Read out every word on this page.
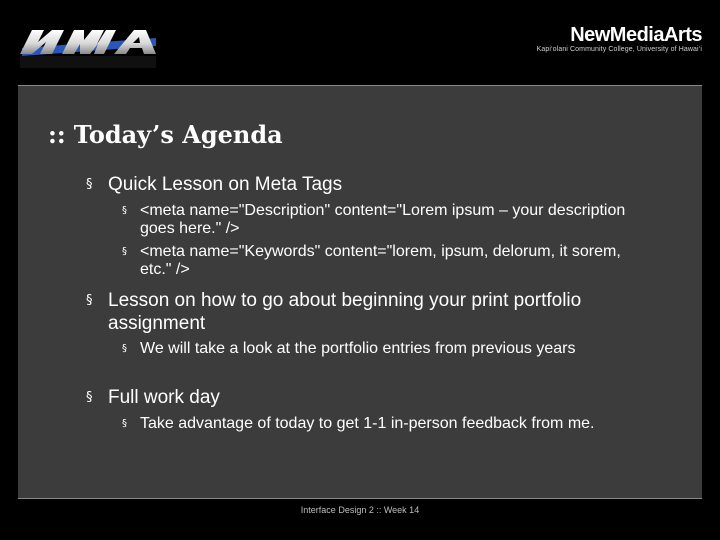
NewMediaArts
Kapi‘olani Community College, University of Hawai‘i
:: Today’s Agenda
§ Quick Lesson on Meta Tags
§ <meta name="Description" content="Lorem ipsum – your description goes here." />
§ <meta name="Keywords" content="lorem, ipsum, delorum, it sorem, etc." />
§ Lesson on how to go about beginning your print portfolio assignment
§ We will take a look at the portfolio entries from previous years
§ Full work day
§ Take advantage of today to get 1-1 in-person feedback from me.
Interface Design 2 :: Week 14
